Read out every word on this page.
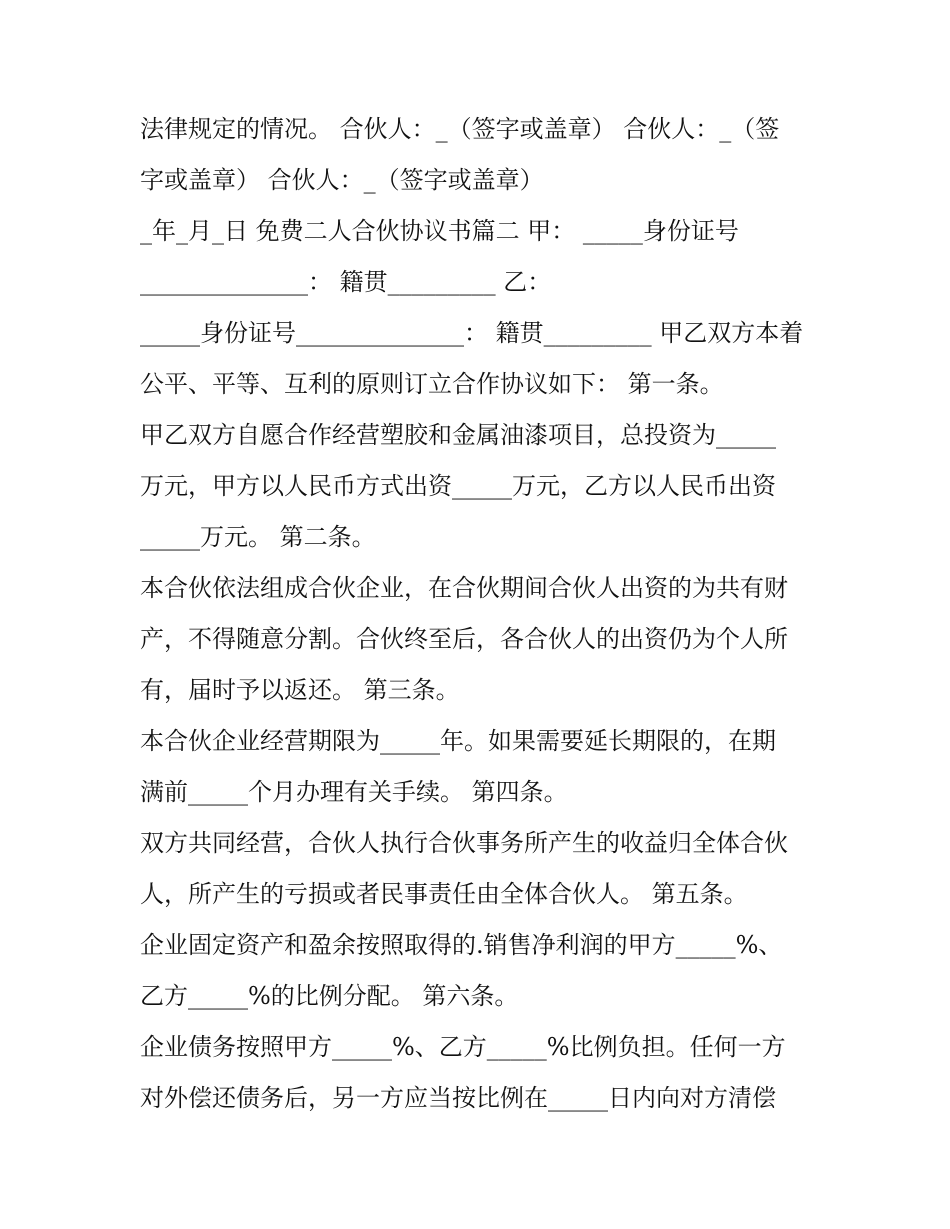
法律规定的情况。 合伙人：_（签字或盖章） 合伙人：_（签
字或盖章） 合伙人：_（签字或盖章）
_年_月_日 免费二人合伙协议书篇二 甲： _____身份证号
______________： 籍贯_________ 乙：
_____身份证号______________： 籍贯_________ 甲乙双方本着
公平、平等、互利的原则订立合作协议如下： 第一条。
甲乙双方自愿合作经营塑胶和金属油漆项目，总投资为_____
万元，甲方以人民币方式出资_____万元，乙方以人民币出资
_____万元。 第二条。
本合伙依法组成合伙企业，在合伙期间合伙人出资的为共有财
产，不得随意分割。合伙终至后，各合伙人的出资仍为个人所
有，届时予以返还。 第三条。
本合伙企业经营期限为_____年。如果需要延长期限的，在期
满前_____个月办理有关手续。 第四条。
双方共同经营，合伙人执行合伙事务所产生的收益归全体合伙
人，所产生的亏损或者民事责任由全体合伙人。 第五条。
企业固定资产和盈余按照取得的.销售净利润的甲方_____%、
乙方_____%的比例分配。 第六条。
企业债务按照甲方_____%、乙方_____%比例负担。任何一方
对外偿还债务后，另一方应当按比例在_____日内向对方清偿
